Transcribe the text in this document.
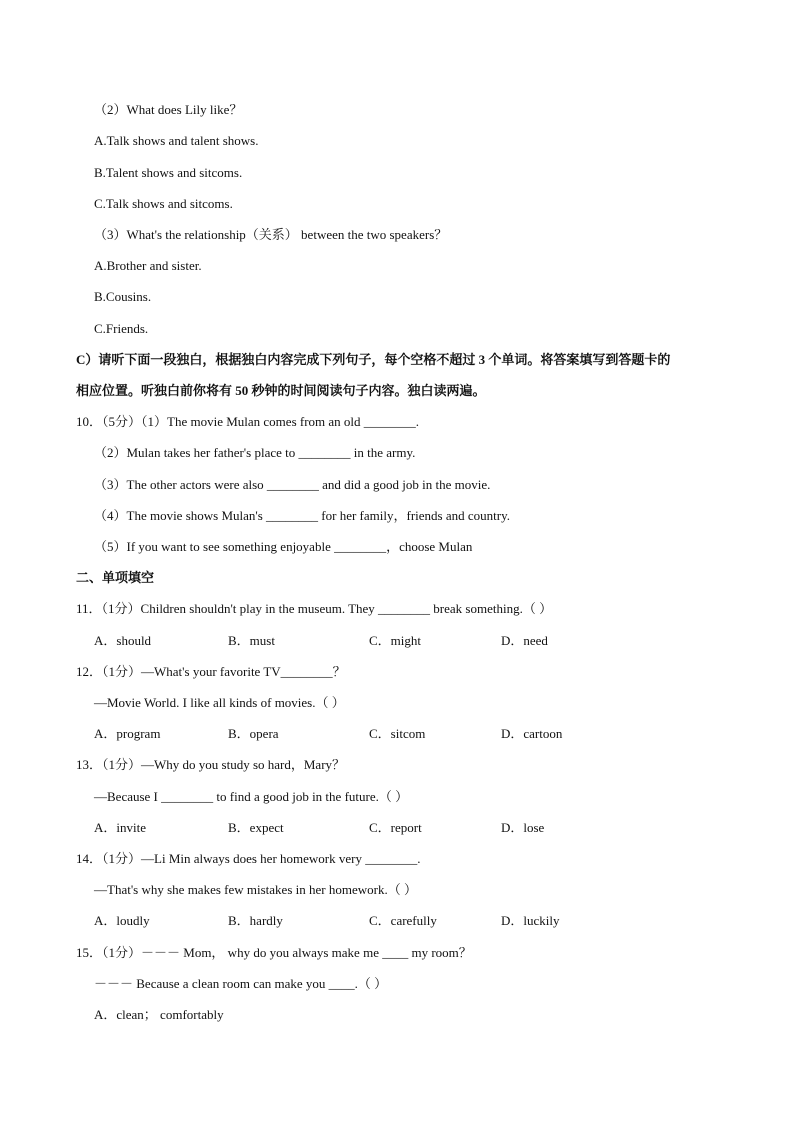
（2）What does Lily like？
A.Talk shows and talent shows.
B.Talent shows and sitcoms.
C.Talk shows and sitcoms.
（3）What's the relationship（关系） between the two speakers？
A.Brother and sister.
B.Cousins.
C.Friends.
C）请听下面一段独白，根据独白内容完成下列句子，每个空格不超过 3 个单词。将答案填写到答题卡的
相应位置。听独白前你将有 50 秒钟的时间阅读句子内容。独白读两遍。
10．（5分）（1）The movie Mulan comes from an old ________.
（2）Mulan takes her father's place to ________ in the army.
（3）The other actors were also ________ and did a good job in the movie.
（4）The movie shows Mulan's ________ for her family，friends and country.
（5）If you want to see something enjoyable ________，choose Mulan
二、单项填空
11．（1分）Children shouldn't play in the museum. They ________ break something.（ ）
A．should	B．must	C．might	D．need
12．（1分）—What's your favorite TV________？
—Movie World. I like all kinds of movies.（ ）
A．program	B．opera	C．sitcom	D．cartoon
13．（1分）—Why do you study so hard，Mary？
—Because I ________ to find a good job in the future.（ ）
A．invite	B．expect	C．report	D．lose
14．（1分）—Li Min always does her homework very ________.
—That's why she makes few mistakes in her homework.（ ）
A．loudly	B．hardly	C．carefully	D．luckily
15．（1分）－－－ Mom， why do you always make me ____ my room？
－－－ Because a clean room can make you ____.（ ）
A．clean； comfortably
